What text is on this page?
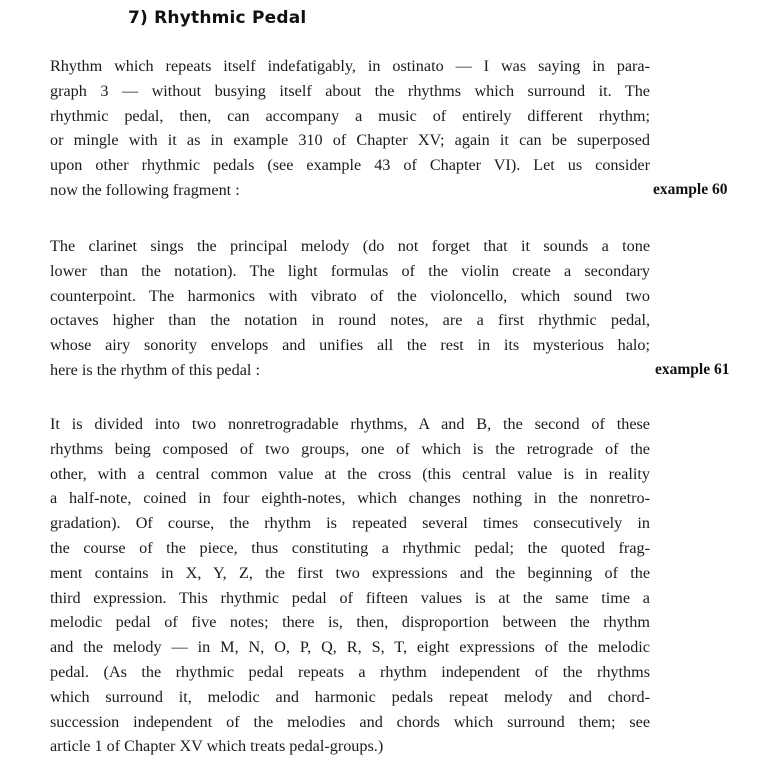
7) Rhythmic Pedal
Rhythm which repeats itself indefatigably, in ostinato — I was saying in para-
graph 3 — without busying itself about the rhythms which surround it. The
rhythmic pedal, then, can accompany a music of entirely different rhythm;
or mingle with it as in example 310 of Chapter XV; again it can be superposed
upon other rhythmic pedals (see example 43 of Chapter VI). Let us consider
now the following fragment :	example 60
The clarinet sings the principal melody (do not forget that it sounds a tone
lower than the notation). The light formulas of the violin create a secondary
counterpoint. The harmonics with vibrato of the violoncello, which sound two
octaves higher than the notation in round notes, are a first rhythmic pedal,
whose airy sonority envelops and unifies all the rest in its mysterious halo;
here is the rhythm of this pedal :	example 61
It is divided into two nonretrogradable rhythms, A and B, the second of these
rhythms being composed of two groups, one of which is the retrograde of the
other, with a central common value at the cross (this central value is in reality
a half-note, coined in four eighth-notes, which changes nothing in the nonretro-
gradation). Of course, the rhythm is repeated several times consecutively in
the course of the piece, thus constituting a rhythmic pedal; the quoted frag-
ment contains in X, Y, Z, the first two expressions and the beginning of the
third expression. This rhythmic pedal of fifteen values is at the same time a
melodic pedal of five notes; there is, then, disproportion between the rhythm
and the melody — in M, N, O, P, Q, R, S, T, eight expressions of the melodic
pedal. (As the rhythmic pedal repeats a rhythm independent of the rhythms
which surround it, melodic and harmonic pedals repeat melody and chord-
succession independent of the melodies and chords which surround them; see
article 1 of Chapter XV which treats pedal-groups.)
